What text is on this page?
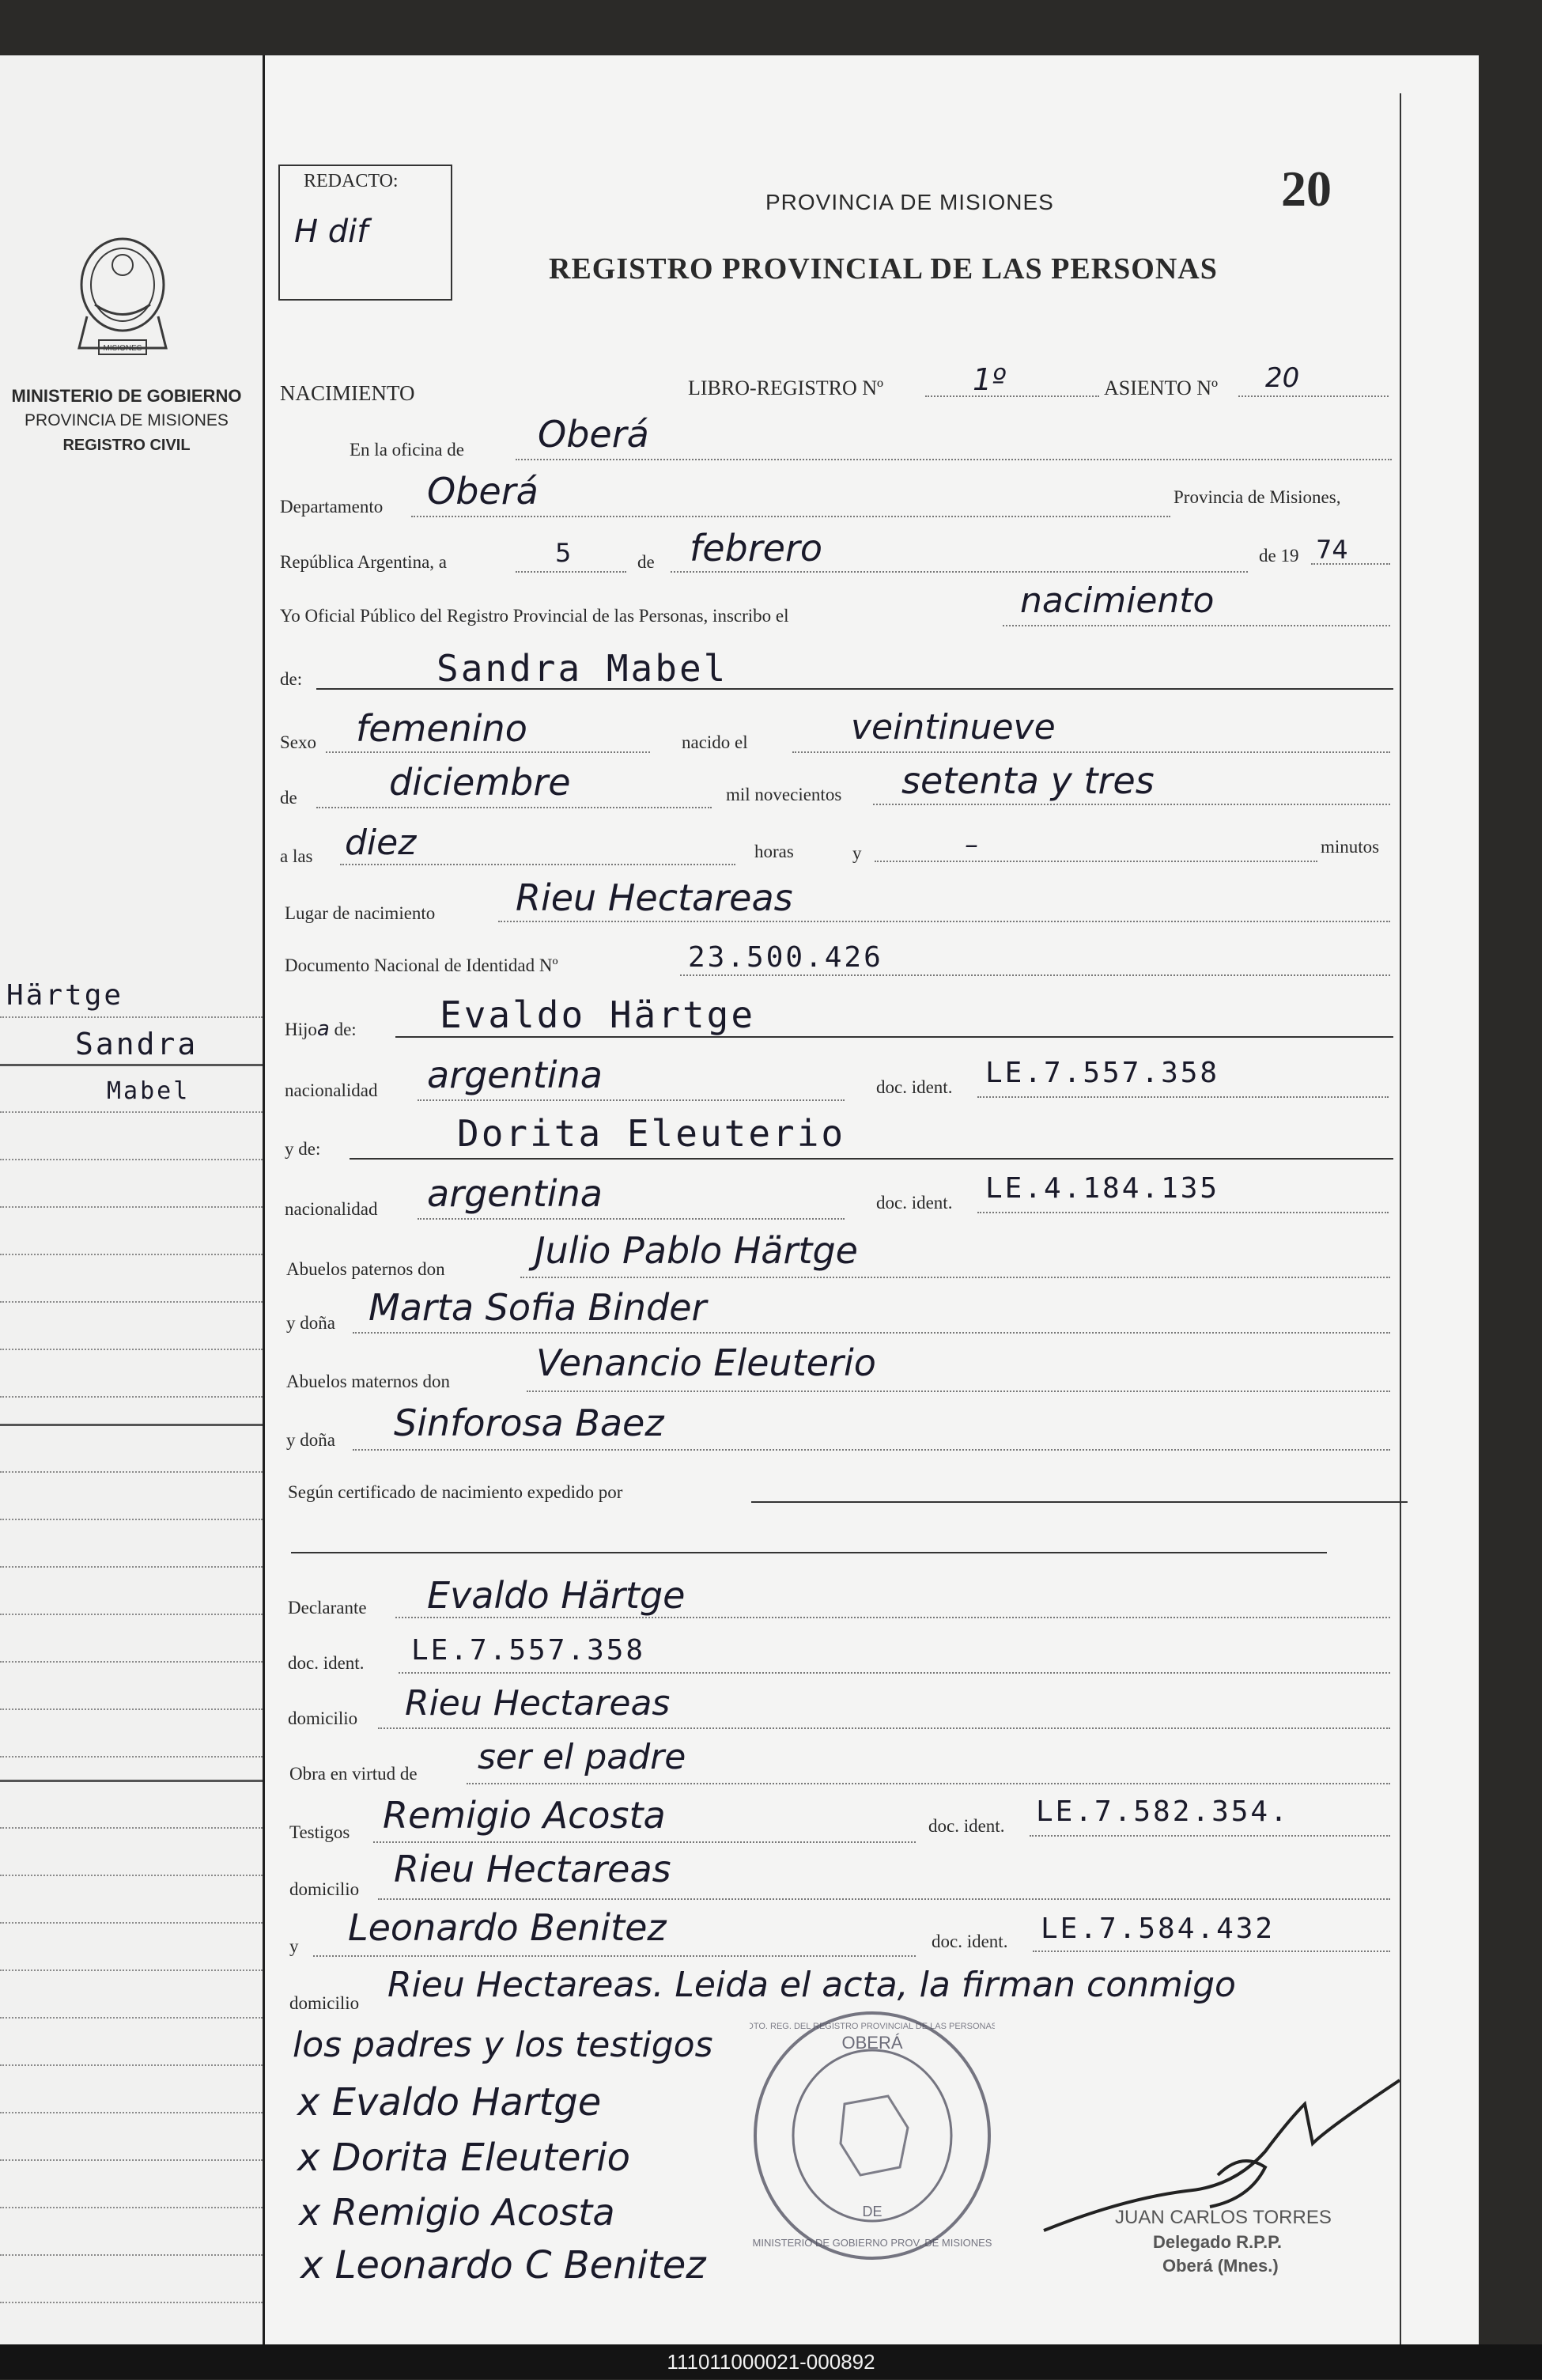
MISIONES
MINISTERIO DE GOBIERNO
PROVINCIA DE MISIONES
REGISTRO CIVIL
Härtge
Sandra
Mabel
REDACTO:
H dif
PROVINCIA DE MISIONES	20
REGISTRO PROVINCIAL DE LAS PERSONAS
NACIMIENTO	LIBRO-REGISTRO Nº	1º	ASIENTO Nº 20
En la oficina de Oberá
Departamento Oberá	Provincia de Misiones,
República Argentina, a	5	de febrero	de 19 74
Yo Oficial Público del Registro Provincial de las Personas, inscribo el	nacimiento
de:	Sandra Mabel
Sexo femenino	nacido el	veintinueve
de	diciembre	mil novecientos setenta y tres
a las diez	horas	y	–	minutos
Lugar de nacimiento Rieu Hectareas
Documento Nacional de Identidad Nº	23.500.426
Hijoa de: Evaldo Härtge
nacionalidad argentina	doc. ident. LE.7.557.358
y de:	Dorita Eleuterio
nacionalidad argentina	doc. ident. LE.4.184.135
Abuelos paternos don Julio Pablo Härtge
y doña Marta Sofia Binder
Abuelos maternos don Venancio Eleuterio
y doña Sinforosa Baez
Según certificado de nacimiento expedido por
Declarante Evaldo Härtge
doc. ident. LE.7.557.358
domicilio Rieu Hectareas
Obra en virtud de ser el padre
Testigos Remigio Acosta	doc. ident. LE.7.582.354.
domicilio Rieu Hectareas
y Leonardo Benitez	doc. ident. LE.7.584.432
domicilio Rieu Hectareas. Leida el acta, la firman conmigo
los padres y los testigos
x Evaldo Hartge
x Dorita Eleuterio
x Remigio Acosta
x Leonardo C Benitez
OBERÁ
DE
MINISTERIO DE GOBIERNO PROV. DE MISIONES
DTO. REG. DEL REGISTRO PROVINCIAL DE LAS PERSONAS
JUAN CARLOS TORRES
Delegado R.P.P.
Oberá (Mnes.)
111011000021-000892
